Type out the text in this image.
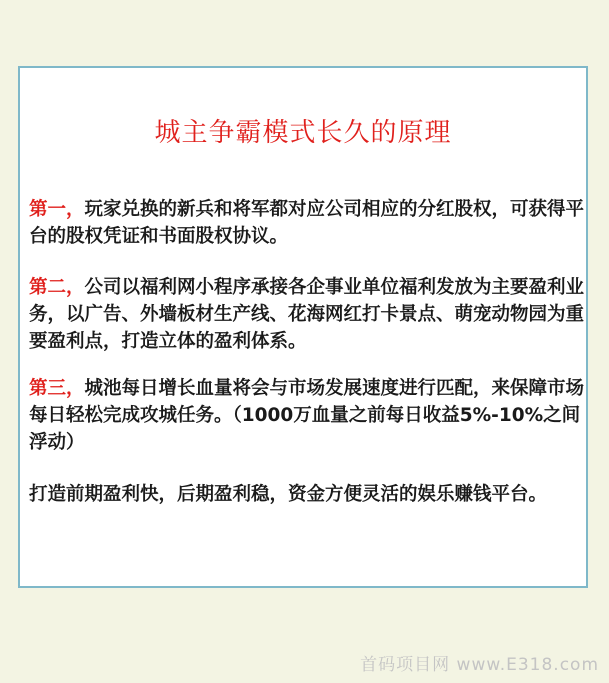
城主争霸模式长久的原理

第一，玩家兑换的新兵和将军都对应公司相应的分红股权，可获得平台的股权凭证和书面股权协议。

第二，公司以福利网小程序承接各企事业单位福利发放为主要盈利业务，以广告、外墙板材生产线、花海网红打卡景点、萌宠动物园为重要盈利点，打造立体的盈利体系。

第三，城池每日增长血量将会与市场发展速度进行匹配，来保障市场每日轻松完成攻城任务。（1000万血量之前每日收益5%-10%之间浮动）

打造前期盈利快，后期盈利稳，资金方便灵活的娱乐赚钱平台。

首码项目网 www.E318.com
